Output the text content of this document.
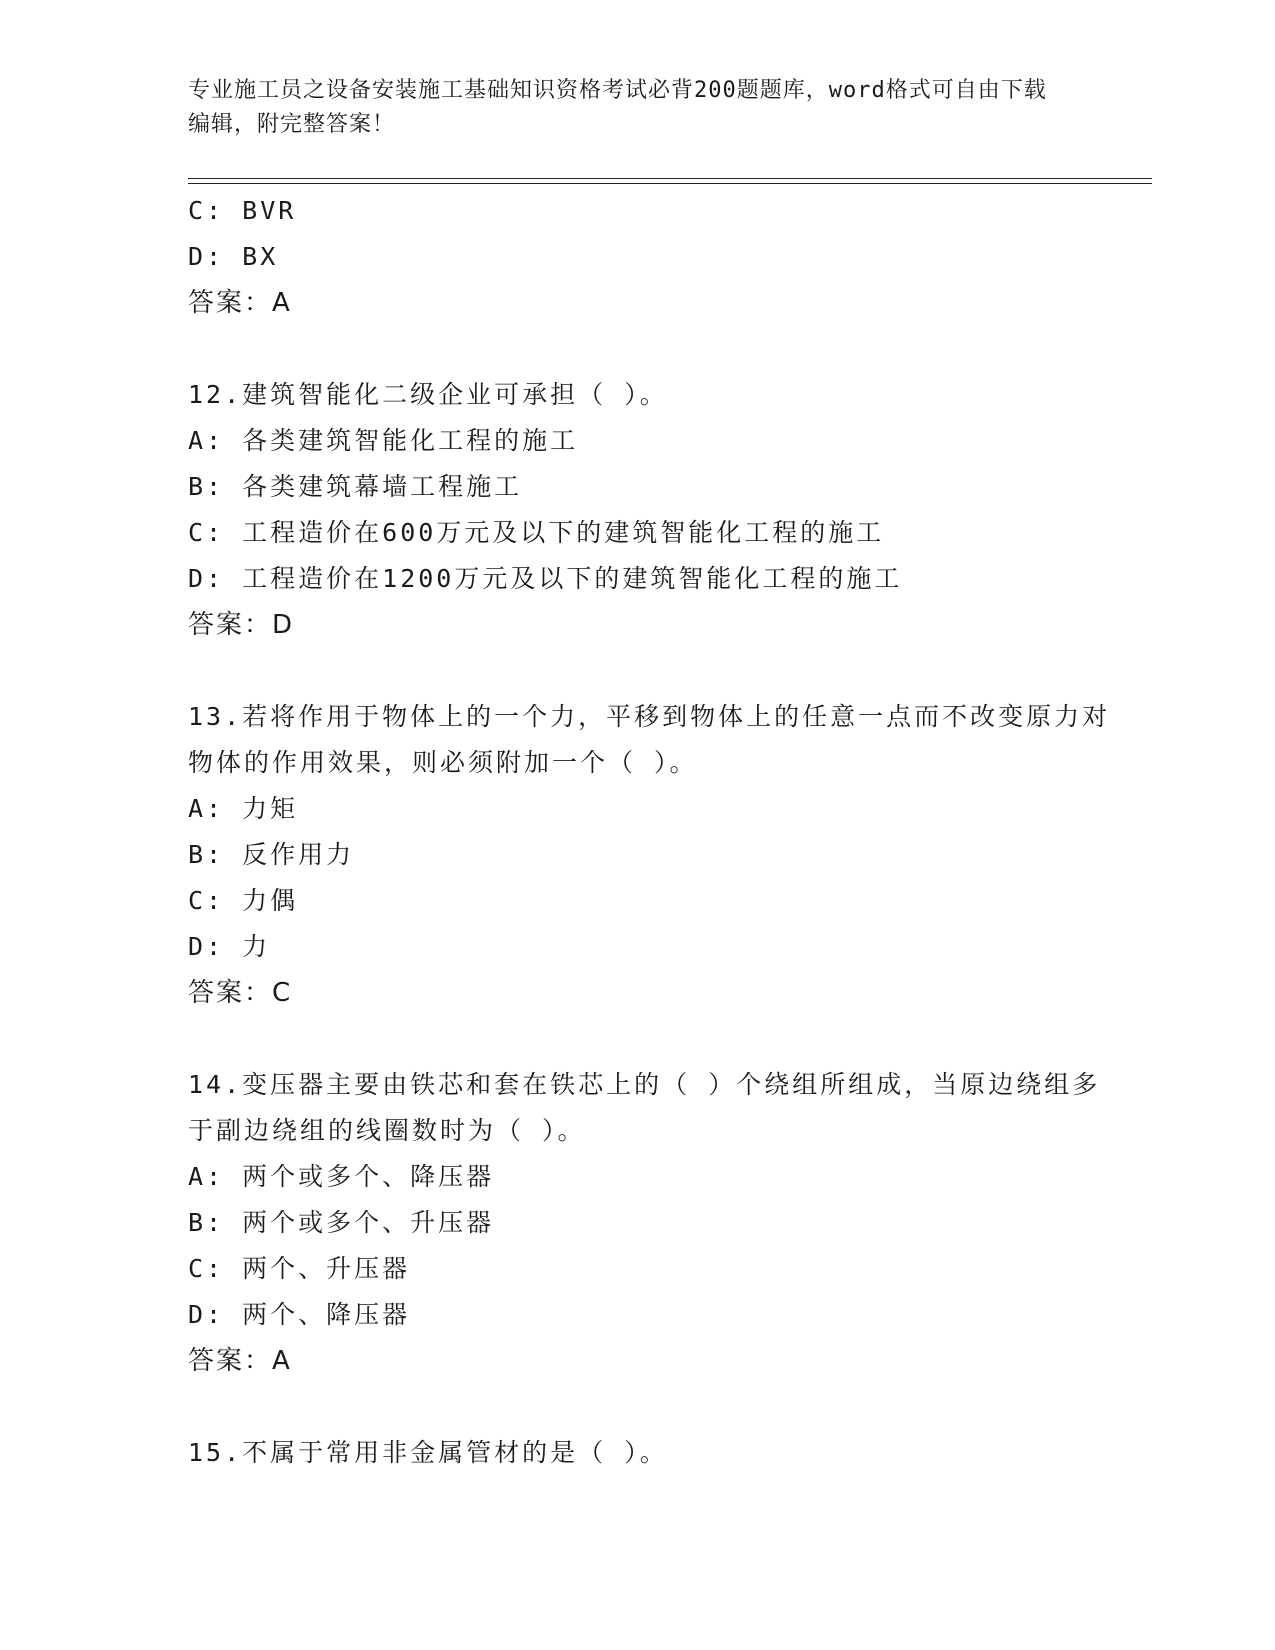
专业施工员之设备安装施工基础知识资格考试必背200题题库，word格式可自由下载编辑，附完整答案！

C: BVR

D: BX

答案：A

12.建筑智能化二级企业可承担（ ）。

A: 各类建筑智能化工程的施工

B: 各类建筑幕墙工程施工

C: 工程造价在600万元及以下的建筑智能化工程的施工

D: 工程造价在1200万元及以下的建筑智能化工程的施工

答案：D

13.若将作用于物体上的一个力，平移到物体上的任意一点而不改变原力对物体的作用效果，则必须附加一个（ ）。

A: 力矩

B: 反作用力

C: 力偶

D: 力

答案：C

14.变压器主要由铁芯和套在铁芯上的（ ）个绕组所组成，当原边绕组多于副边绕组的线圈数时为（ ）。

A: 两个或多个、降压器

B: 两个或多个、升压器

C: 两个、升压器

D: 两个、降压器

答案：A

15.不属于常用非金属管材的是（ ）。
